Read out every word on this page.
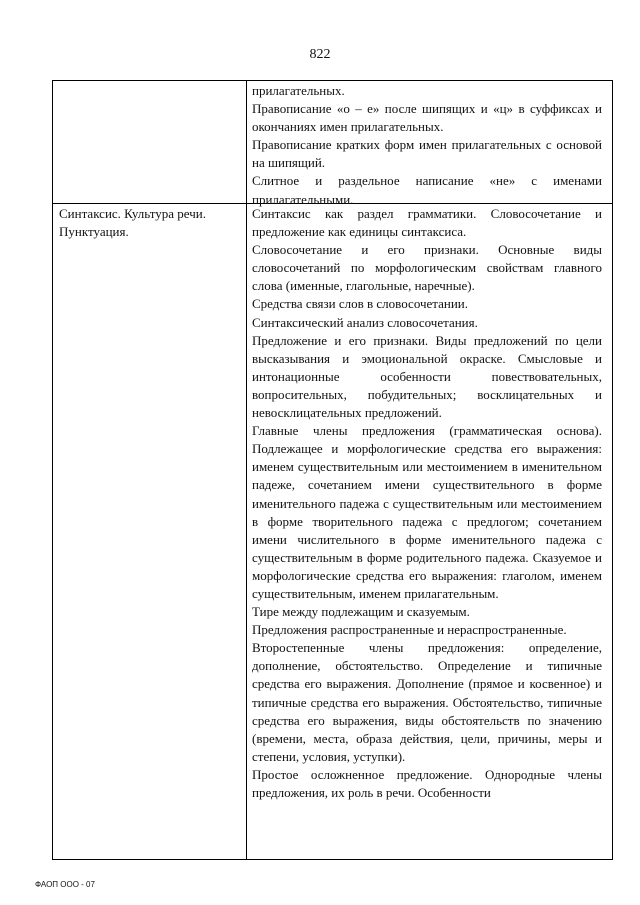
822
Синтаксис. Культура речи. Пунктуация.
прилагательных.
Правописание «о – е» после шипящих и «ц» в суффиксах и окончаниях имен прилагательных.
Правописание кратких форм имен прилагательных с основой на шипящий.
Слитное и раздельное написание «не» с именами прилагательными.
Синтаксис как раздел грамматики. Словосочетание и предложение как единицы синтаксиса.
Словосочетание и его признаки. Основные виды словосочетаний по морфологическим свойствам главного слова (именные, глагольные, наречные).
Средства связи слов в словосочетании.
Синтаксический анализ словосочетания.
Предложение и его признаки. Виды предложений по цели высказывания и эмоциональной окраске. Смысловые и интонационные особенности повествовательных, вопросительных, побудительных; восклицательных и невосклицательных предложений.
Главные члены предложения (грамматическая основа). Подлежащее и морфологические средства его выражения: именем существительным или местоимением в именительном падеже, сочетанием имени существительного в форме именительного падежа с существительным или местоимением в форме творительного падежа с предлогом; сочетанием имени числительного в форме именительного падежа с существительным в форме родительного падежа. Сказуемое и морфологические средства его выражения: глаголом, именем существительным, именем прилагательным.
Тире между подлежащим и сказуемым.
Предложения распространенные и нераспространенные.
Второстепенные члены предложения: определение, дополнение, обстоятельство. Определение и типичные средства его выражения. Дополнение (прямое и косвенное) и типичные средства его выражения. Обстоятельство, типичные средства его выражения, виды обстоятельств по значению (времени, места, образа действия, цели, причины, меры и степени, условия, уступки).
Простое осложненное предложение. Однородные члены предложения, их роль в речи. Особенности
ФАОП ООО - 07
